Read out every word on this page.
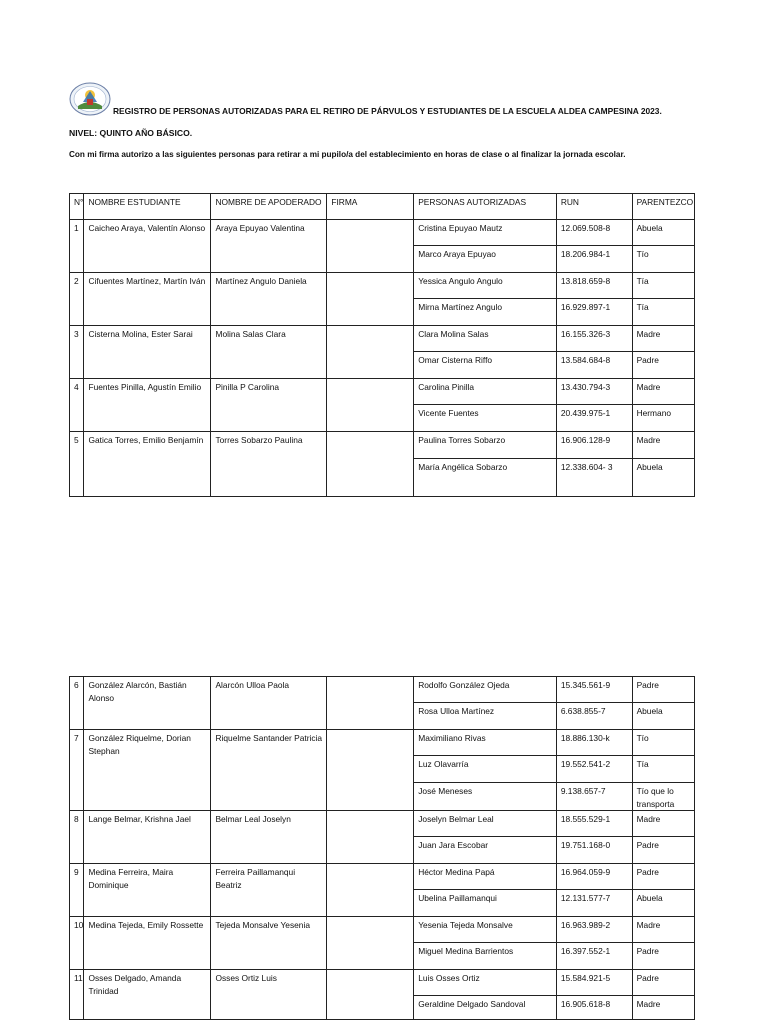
REGISTRO DE PERSONAS AUTORIZADAS PARA EL RETIRO DE PÁRVULOS Y ESTUDIANTES DE LA ESCUELA ALDEA CAMPESINA 2023.
NIVEL: QUINTO AÑO BÁSICO.
Con mi firma autorizo a las siguientes personas para retirar a mi pupilo/a del establecimiento en horas de clase o al finalizar la jornada escolar.
N°	NOMBRE ESTUDIANTE	NOMBRE DE APODERADO	FIRMA	PERSONAS AUTORIZADAS	RUN	PARENTEZCO
1	Caicheo Araya, Valentín Alonso	Araya Epuyao Valentina		Cristina Epuyao Mautz	12.069.508-8	Abuela
				Marco Araya Epuyao	18.206.984-1	Tío
2	Cifuentes Martínez, Martín Iván	Martínez Angulo Daniela		Yessica Angulo Angulo	13.818.659-8	Tía
				Mirna Martínez Angulo	16.929.897-1	Tía
3	Cisterna Molina, Ester Sarai	Molina Salas Clara		Clara Molina Salas	16.155.326-3	Madre
				Omar Cisterna Riffo	13.584.684-8	Padre
4	Fuentes Pinilla, Agustín Emilio	Pinilla P Carolina		Carolina Pinilla	13.430.794-3	Madre
				Vicente Fuentes	20.439.975-1	Hermano
5	Gatica Torres, Emilio Benjamín	Torres Sobarzo Paulina		Paulina Torres Sobarzo	16.906.128-9	Madre
				María Angélica Sobarzo	12.338.604- 3	Abuela
6	González Alarcón, Bastián Alonso	Alarcón Ulloa Paola		Rodolfo González Ojeda	15.345.561-9	Padre
				Rosa Ulloa Martínez	6.638.855-7	Abuela
7	González Riquelme, Dorian Stephan	Riquelme Santander Patricia		Maximiliano Rivas	18.886.130-k	Tío
				Luz Olavarría	19.552.541-2	Tía
				José Meneses	9.138.657-7	Tío que lo transporta
8	Lange Belmar, Krishna Jael	Belmar Leal Joselyn		Joselyn Belmar Leal	18.555.529-1	Madre
				Juan Jara Escobar	19.751.168-0	Padre
9	Medina Ferreira, Maira Dominique	Ferreira Paillamanqui Beatriz		Héctor Medina Papá	16.964.059-9	Padre
				Ubelina Paillamanqui	12.131.577-7	Abuela
10	Medina Tejeda, Emily Rossette	Tejeda Monsalve Yesenia		Yesenia Tejeda Monsalve	16.963.989-2	Madre
				Miguel Medina Barrientos	16.397.552-1	Padre
11	Osses Delgado, Amanda Trinidad	Osses Ortiz Luis		Luis Osses Ortiz	15.584.921-5	Padre
				Geraldine Delgado Sandoval	16.905.618-8	Madre
